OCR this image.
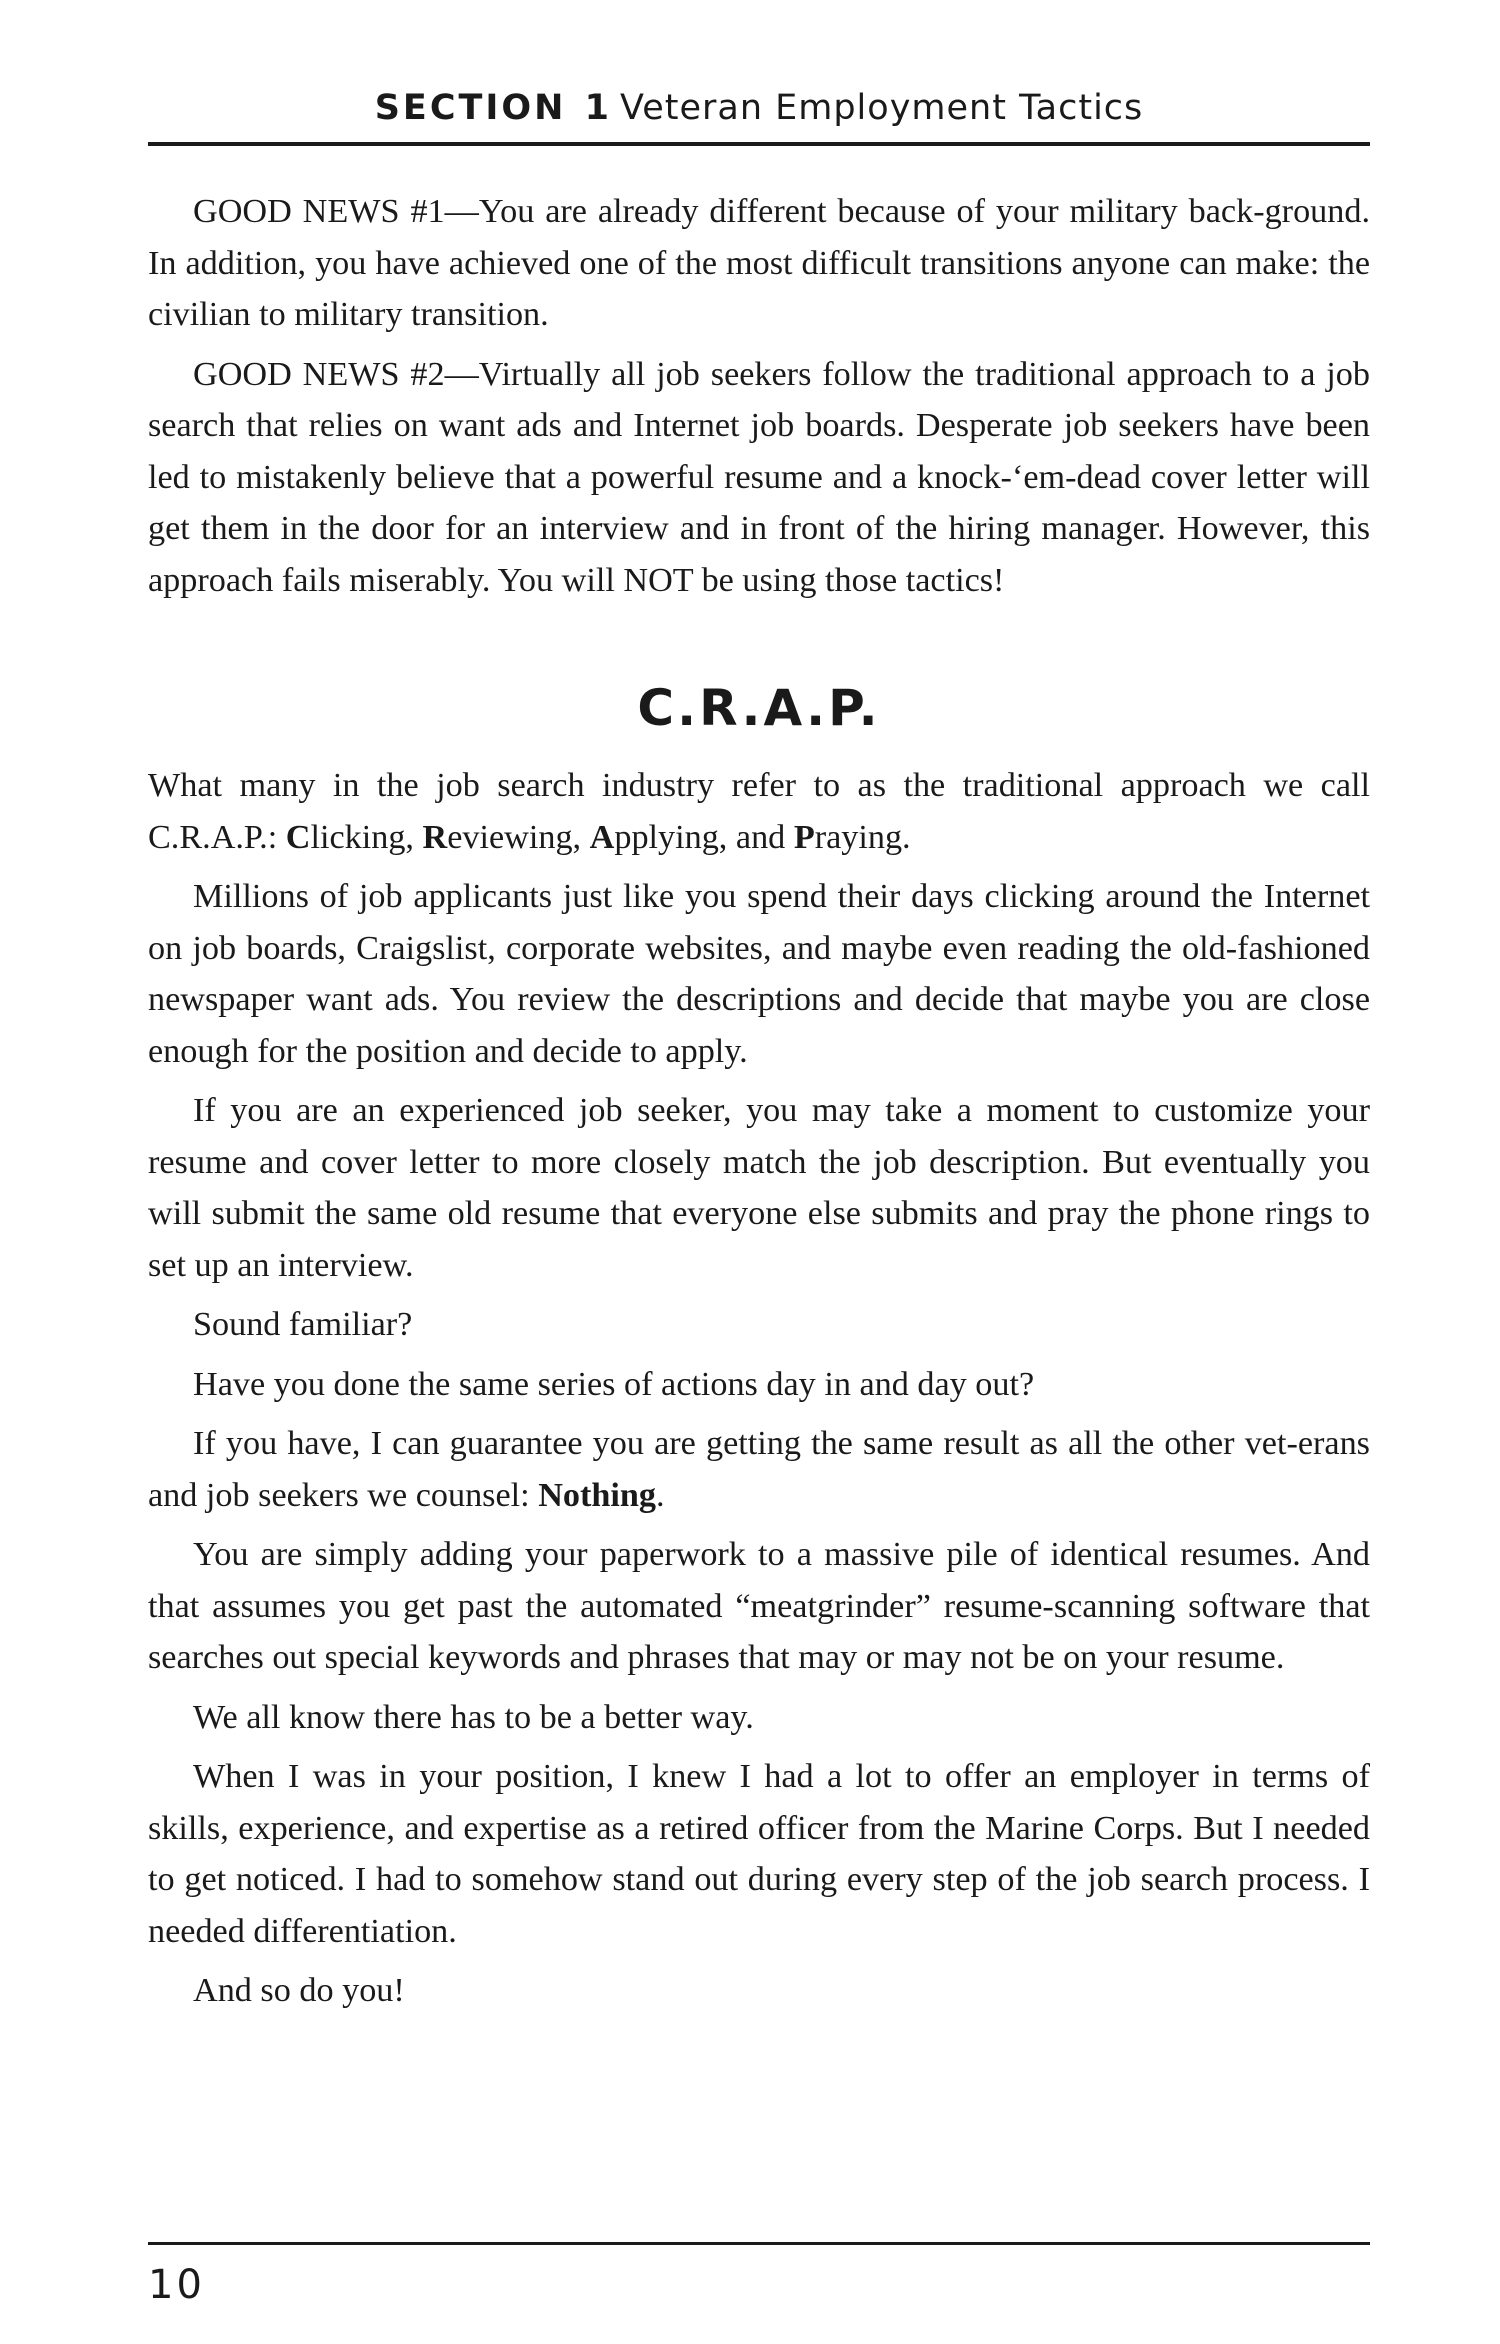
SECTION 1 Veteran Employment Tactics

GOOD NEWS #1—You are already different because of your military back-ground. In addition, you have achieved one of the most difficult transitions anyone can make: the civilian to military transition.

GOOD NEWS #2—Virtually all job seekers follow the traditional approach to a job search that relies on want ads and Internet job boards. Desperate job seekers have been led to mistakenly believe that a powerful resume and a knock-‘em-dead cover letter will get them in the door for an interview and in front of the hiring manager. However, this approach fails miserably. You will NOT be using those tactics!

C.R.A.P.

What many in the job search industry refer to as the traditional approach we call C.R.A.P.: Clicking, Reviewing, Applying, and Praying.

Millions of job applicants just like you spend their days clicking around the Internet on job boards, Craigslist, corporate websites, and maybe even reading the old-fashioned newspaper want ads. You review the descriptions and decide that maybe you are close enough for the position and decide to apply.

If you are an experienced job seeker, you may take a moment to customize your resume and cover letter to more closely match the job description. But eventually you will submit the same old resume that everyone else submits and pray the phone rings to set up an interview.

Sound familiar?

Have you done the same series of actions day in and day out?

If you have, I can guarantee you are getting the same result as all the other vet-erans and job seekers we counsel: Nothing.

You are simply adding your paperwork to a massive pile of identical resumes. And that assumes you get past the automated “meatgrinder” resume-scanning software that searches out special keywords and phrases that may or may not be on your resume.

We all know there has to be a better way.

When I was in your position, I knew I had a lot to offer an employer in terms of skills, experience, and expertise as a retired officer from the Marine Corps. But I needed to get noticed. I had to somehow stand out during every step of the job search process. I needed differentiation.

And so do you!

10
